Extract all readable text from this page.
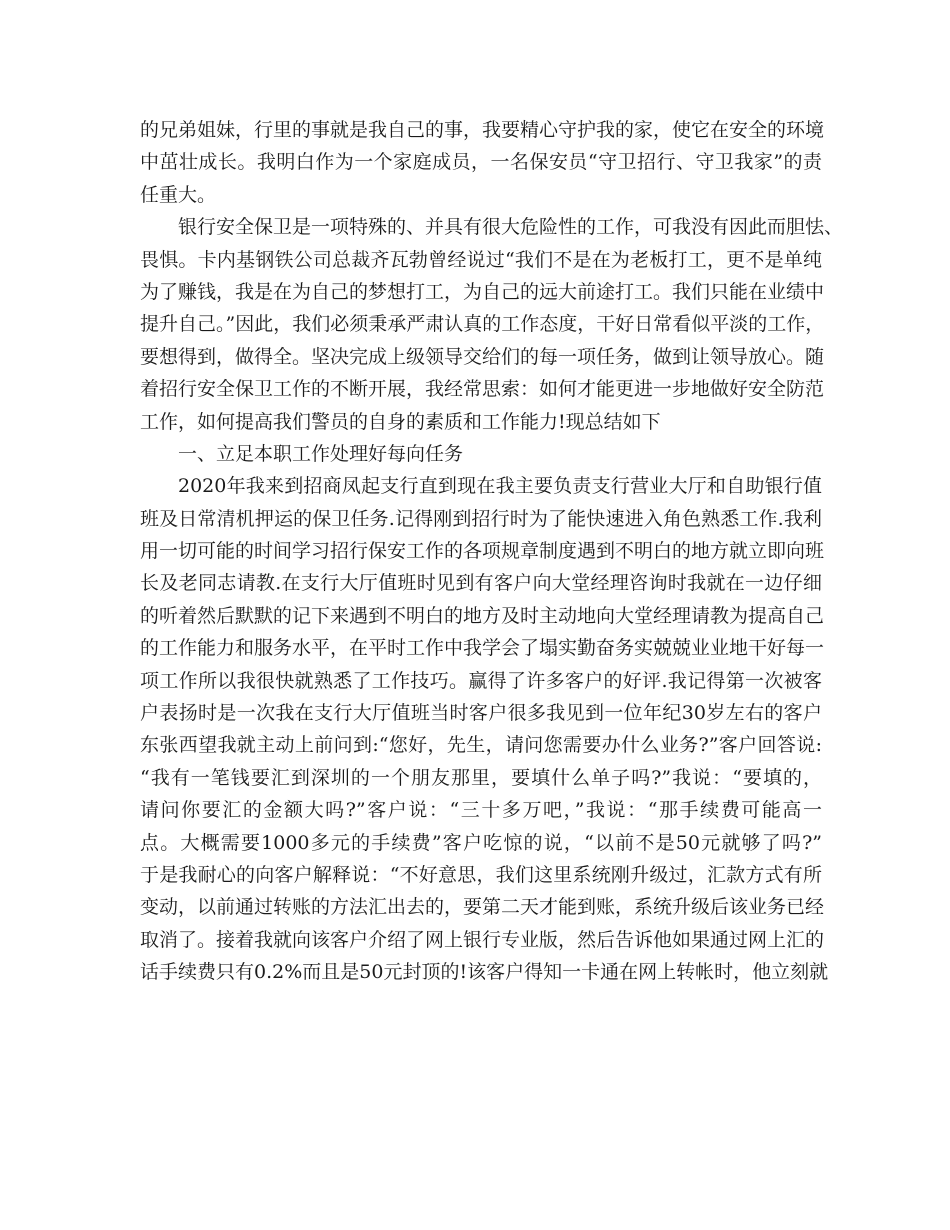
的兄弟姐妹，行里的事就是我自己的事，我要精心守护我的家，使它在安全的环境
中茁壮成长。我明白作为一个家庭成员，一名保安员“守卫招行、守卫我家”的责
任重大。
银行安全保卫是一项特殊的、并具有很大危险性的工作，可我没有因此而胆怯、
畏惧。卡内基钢铁公司总裁齐瓦勃曾经说过“我们不是在为老板打工，更不是单纯
为了赚钱，我是在为自己的梦想打工，为自己的远大前途打工。我们只能在业绩中
提升自己。”因此，我们必须秉承严肃认真的工作态度，干好日常看似平淡的工作，
要想得到，做得全。坚决完成上级领导交给们的每一项任务，做到让领导放心。随
着招行安全保卫工作的不断开展，我经常思索：如何才能更进一步地做好安全防范
工作，如何提高我们警员的自身的素质和工作能力!现总结如下
一、立足本职工作处理好每向任务
2020年我来到招商凤起支行直到现在我主要负责支行营业大厅和自助银行值
班及日常清机押运的保卫任务.记得刚到招行时为了能快速进入角色熟悉工作.我利
用一切可能的时间学习招行保安工作的各项规章制度遇到不明白的地方就立即向班
长及老同志请教.在支行大厅值班时见到有客户向大堂经理咨询时我就在一边仔细
的听着然后默默的记下来遇到不明白的地方及时主动地向大堂经理请教为提高自己
的工作能力和服务水平，在平时工作中我学会了塌实勤奋务实兢兢业业地干好每一
项工作所以我很快就熟悉了工作技巧。赢得了许多客户的好评.我记得第一次被客
户表扬时是一次我在支行大厅值班当时客户很多我见到一位年纪30岁左右的客户
东张西望我就主动上前问到:“您好，先生，请问您需要办什么业务?”客户回答说:
“我有一笔钱要汇到深圳的一个朋友那里，要填什么单子吗?”我说：“要填的，
请问你要汇的金额大吗?”客户说：“三十多万吧，”我说：“那手续费可能高一
点。大概需要1000多元的手续费”客户吃惊的说，“以前不是50元就够了吗?”
于是我耐心的向客户解释说：“不好意思，我们这里系统刚升级过，汇款方式有所
变动，以前通过转账的方法汇出去的，要第二天才能到账，系统升级后该业务已经
取消了。接着我就向该客户介绍了网上银行专业版，然后告诉他如果通过网上汇的
话手续费只有0.2%而且是50元封顶的!该客户得知一卡通在网上转帐时，他立刻就
